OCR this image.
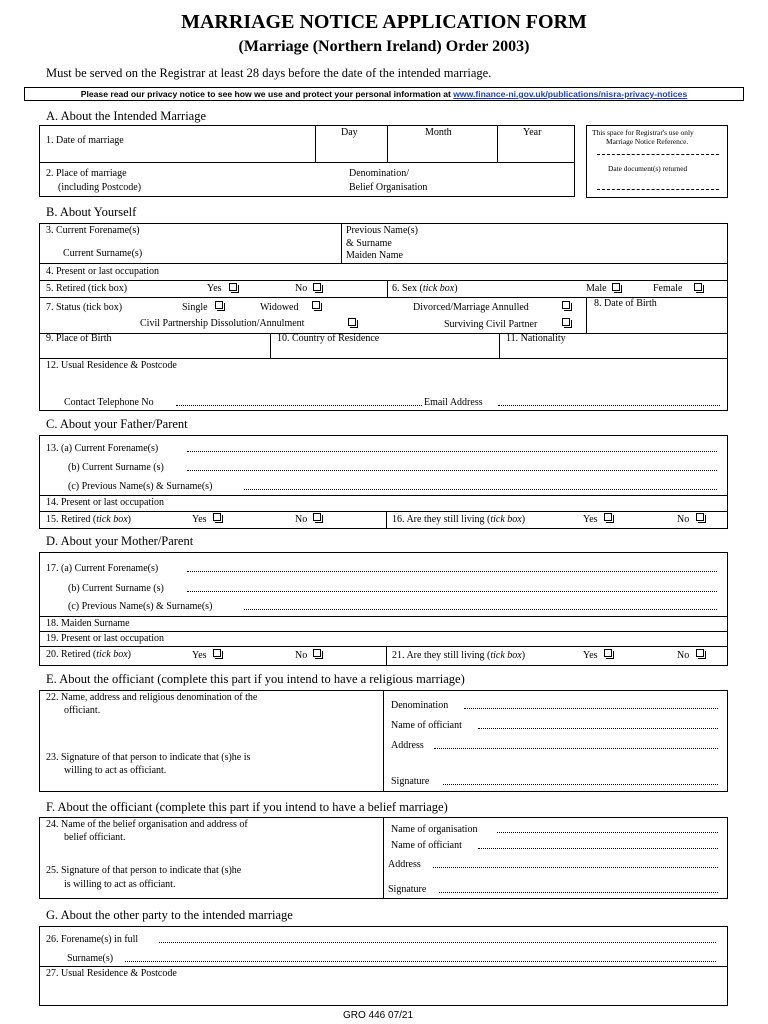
MARRIAGE NOTICE APPLICATION FORM
(Marriage (Northern Ireland) Order 2003)
Must be served on the Registrar at least 28 days before the date of the intended marriage.
Please read our privacy notice to see how we use and protect your personal information at www.finance-ni.gov.uk/publications/nisra-privacy-notices
A. About the Intended Marriage
1. Date of marriage
Day	Month	Year
2. Place of marriage
(including Postcode)
Denomination/
Belief Organisation
This space for Registrar's use only
Marriage Notice Reference.
Date document(s) returned
B. About Yourself
3. Current Forename(s)
Current Surname(s)
Previous Name(s)
& Surname
Maiden Name
4. Present or last occupation
5. Retired (tick box)	Yes	No	6. Sex (tick box)	Male	Female
7. Status (tick box)	Single	Widowed	Divorced/Marriage Annulled	8. Date of Birth
Civil Partnership Dissolution/Annulment	Surviving Civil Partner
9. Place of Birth	10. Country of Residence	11. Nationality
12. Usual Residence & Postcode
Contact Telephone No	Email Address
C. About your Father/Parent
13. (a) Current Forename(s)
(b) Current Surname (s)
(c) Previous Name(s) & Surname(s)
14. Present or last occupation
15. Retired (tick box)	Yes	No	16. Are they still living (tick box)	Yes	No
D. About your Mother/Parent
17. (a) Current Forename(s)
(b) Current Surname (s)
(c) Previous Name(s) & Surname(s)
18. Maiden Surname
19. Present or last occupation
20. Retired (tick box)	Yes	No	21. Are they still living (tick box)	Yes	No
E. About the officiant (complete this part if you intend to have a religious marriage)
22. Name, address and religious denomination of the
officiant.
23. Signature of that person to indicate that (s)he is
willing to act as officiant.
Denomination
Name of officiant
Address
Signature
F. About the officiant (complete this part if you intend to have a belief marriage)
24. Name of the belief organisation and address of
belief officiant.
25. Signature of that person to indicate that (s)he
is willing to act as officiant.
Name of organisation
Name of officiant
Address
Signature
G. About the other party to the intended marriage
26. Forename(s) in full
Surname(s)
27. Usual Residence & Postcode
GRO 446 07/21
